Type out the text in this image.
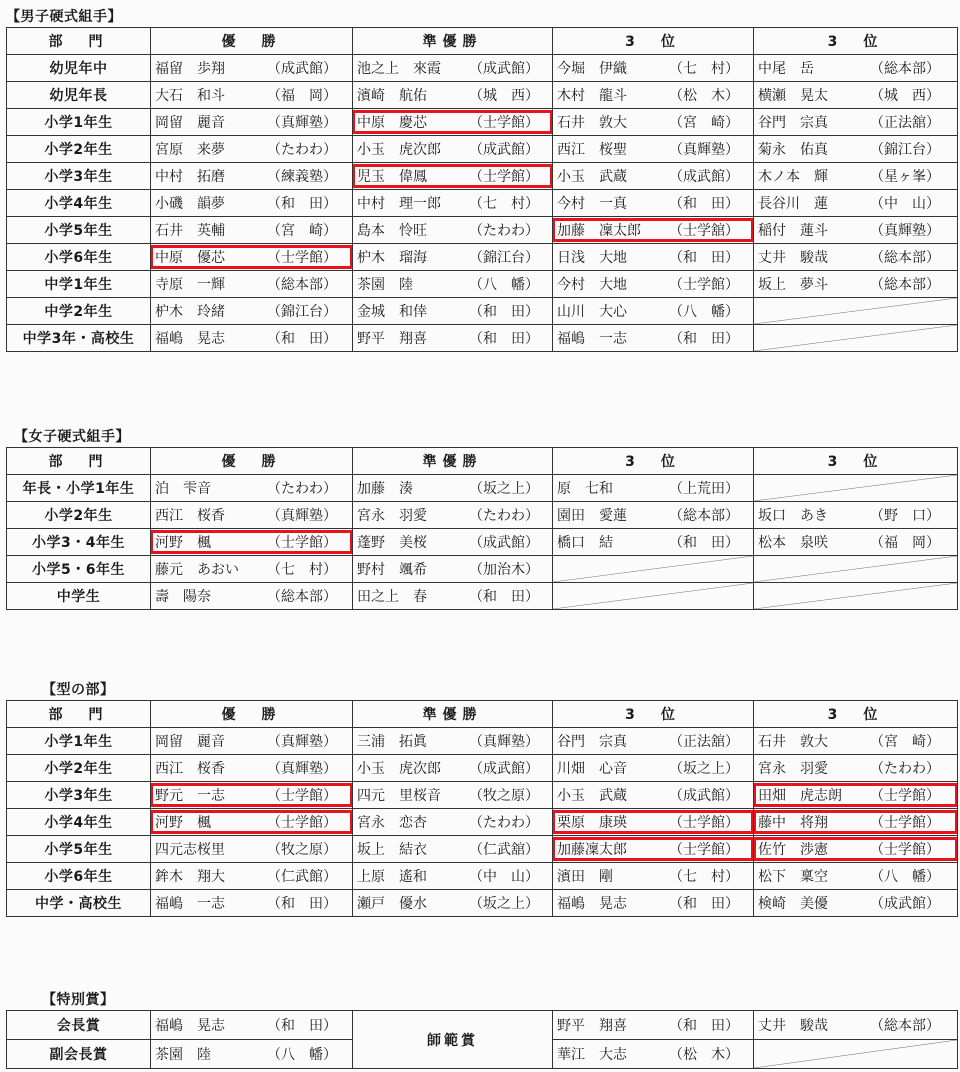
【男子硬式組手】
部　門	優　勝	準優勝	3　位	3　位
幼児年中	福留　歩翔 （成武館）	池之上　來霞 （成武館）	今堀　伊織 （七　村）	中尾　岳 （総本部）

幼児年長	大石　和斗 （福　岡）	濱崎　航佑 （城　西）	木村　龍斗 （松　木）	横瀬　晃太 （城　西）

小学1年生	岡留　麗音 （真輝塾）	中原　慶芯 （士学館）	石井　敦大 （宮　崎）	谷門　宗真 （正法舘）

小学2年生	宮原　来夢 （たわわ）	小玉　虎次郎 （成武館）	西江　桜聖 （真輝塾）	菊永　佑真 （錦江台）

小学3年生	中村　拓磨 （練義塾）	児玉　偉鳳 （士学館）	小玉　武蔵 （成武館）	木ノ本　輝 （星ヶ峯）

小学4年生	小磯　韻夢 （和　田）	中村　理一郎 （七　村）	今村　一真 （和　田）	長谷川　蓮 （中　山）

小学5年生	石井　英輔 （宮　崎）	島本　怜旺 （たわわ）	加藤　凜太郎 （士学舘）	稲付　蓮斗 （真輝塾）

小学6年生	中原　優芯 （士学館）	枦木　瑠海 （錦江台）	日浅　大地 （和　田）	丈井　駿哉 （総本部）

中学1年生	寺原　一輝 （総本部）	茶園　陸 （八　幡）	今村　大地 （士学館）	坂上　夢斗 （総本部）

中学2年生	枦木　玲緒 （錦江台）	金城　和倖 （和　田）	山川　大心 （八　幡）

中学3年・高校生	福嶋　晃志 （和　田）	野平　翔喜 （和　田）	福嶋　一志 （和　田）

【女子硬式組手】
部　門	優　勝	準優勝	3　位	3　位
年長・小学1年生	泊　雫音 （たわわ）	加藤　湊 （坂之上）	原　七和 （上荒田）

小学2年生	西江　桜香 （真輝塾）	宮永　羽愛 （たわわ）	園田　愛蓮 （総本部）	坂口　あき （野　口）

小学3・4年生	河野　楓 （士学館）	蓬野　美桜 （成武館）	橋口　結 （和　田）	松本　泉咲 （福　岡）

小学5・6年生	藤元　あおい （七　村）	野村　颯希 （加治木）

中学生	壽　陽奈 （総本部）	田之上　春 （和　田）

【型の部】
部　門	優　勝	準優勝	3　位	3　位
小学1年生	岡留　麗音 （真輝塾）	三浦　拓眞 （真輝塾）	谷門　宗真 （正法舘）	石井　敦大 （宮　崎）

小学2年生	西江　桜香 （真輝塾）	小玉　虎次郎 （成武館）	川畑　心音 （坂之上）	宮永　羽愛 （たわわ）

小学3年生	野元　一志 （士学館）	四元　里桜音 （牧之原）	小玉　武蔵 （成武館）	田畑　虎志朗 （士学館）

小学4年生	河野　楓 （士学館）	宮永　恋杏 （たわわ）	栗原　康瑛 （士学館）	藤中　将翔 （士学館）

小学5年生	四元志桜里 （牧之原）	坂上　結衣 （仁武舘）	加藤凜太郎 （士学館）	佐竹　渉憲 （士学館）

小学6年生	鉾木　翔大 （仁武館）	上原　遙和 （中　山）	濱田　剛 （七　村）	松下　稟空 （八　幡）

中学・高校生	福嶋　一志 （和　田）	瀬戸　優水 （坂之上）	福嶋　晃志 （和　田）	検崎　美優 （成武館）
【特別賞】
会長賞	福嶋　晃志 （和　田）	師範賞	野平　翔喜 （和　田）	丈井　駿哉 （総本部）

副会長賞	茶園　陸 （八　幡）		華江　大志 （松　木）
